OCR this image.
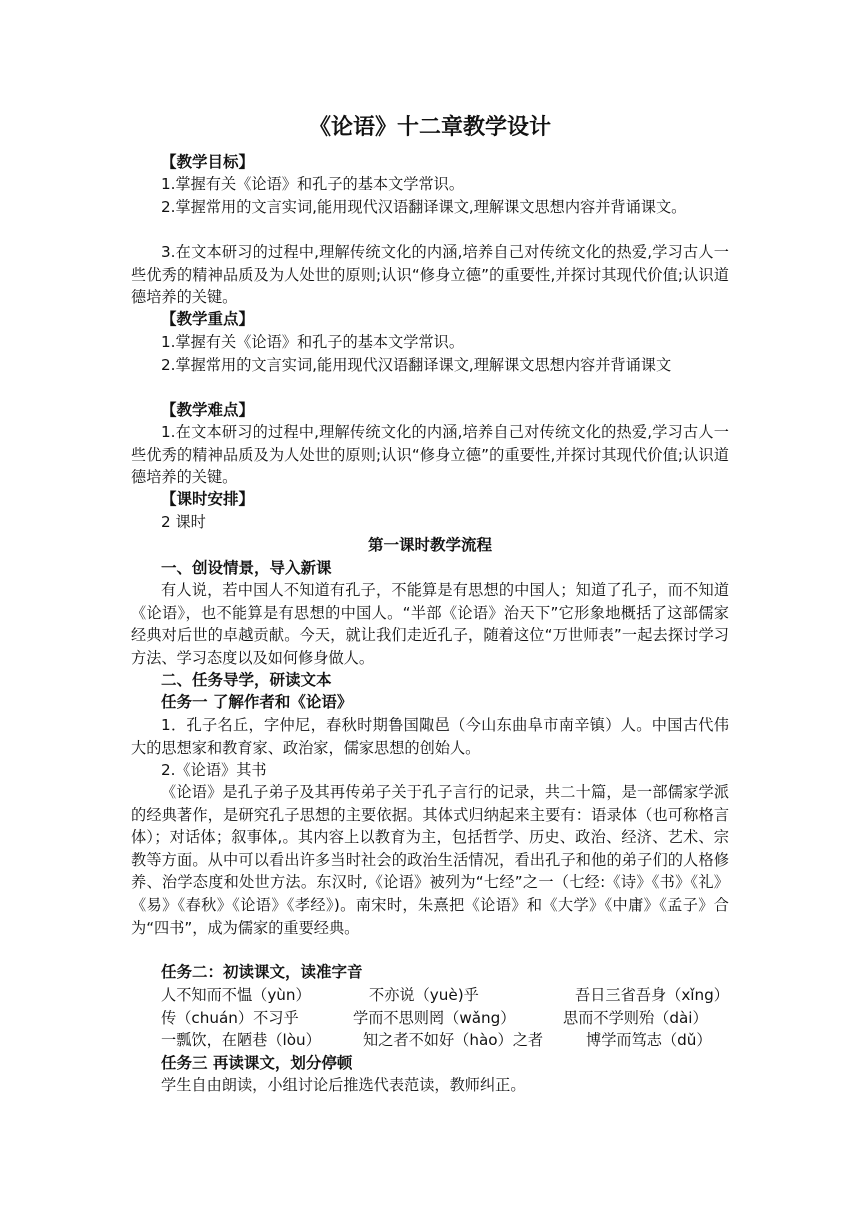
《论语》十二章教学设计
【教学目标】
1.掌握有关《论语》和孔子的基本文学常识。
2.掌握常用的文言实词,能用现代汉语翻译课文,理解课文思想内容并背诵课文。
3.在文本研习的过程中,理解传统文化的内涵,培养自己对传统文化的热爱,学习古人一些优秀的精神品质及为人处世的原则;认识“修身立德”的重要性,并探讨其现代价值;认识道德培养的关键。
【教学重点】
1.掌握有关《论语》和孔子的基本文学常识。
2.掌握常用的文言实词,能用现代汉语翻译课文,理解课文思想内容并背诵课文
【教学难点】
1.在文本研习的过程中,理解传统文化的内涵,培养自己对传统文化的热爱,学习古人一些优秀的精神品质及为人处世的原则;认识“修身立德”的重要性,并探讨其现代价值;认识道德培养的关键。
【课时安排】
2 课时
第一课时教学流程
一、创设情景，导入新课
有人说，若中国人不知道有孔子，不能算是有思想的中国人；知道了孔子，而不知道《论语》，也不能算是有思想的中国人。“半部《论语》治天下”它形象地概括了这部儒家经典对后世的卓越贡献。今天，就让我们走近孔子，随着这位“万世师表”一起去探讨学习方法、学习态度以及如何修身做人。
二、任务导学，研读文本
任务一 了解作者和《论语》
1．孔子名丘，字仲尼，春秋时期鲁国陬邑（今山东曲阜市南辛镇）人。中国古代伟大的思想家和教育家、政治家，儒家思想的创始人。
2.《论语》其书
《论语》是孔子弟子及其再传弟子关于孔子言行的记录，共二十篇，是一部儒家学派的经典著作，是研究孔子思想的主要依据。其体式归纳起来主要有：语录体（也可称格言体）；对话体；叙事体,。其内容上以教育为主，包括哲学、历史、政治、经济、艺术、宗教等方面。从中可以看出许多当时社会的政治生活情况，看出孔子和他的弟子们的人格修养、治学态度和处世方法。东汉时,《论语》被列为“七经”之一（七经:《诗》《书》《礼》《易》《春秋》《论语》《孝经》)。南宋时，朱熹把《论语》和《大学》《中庸》《孟子》合为“四书”，成为儒家的重要经典。
任务二：初读课文，读准字音
人不知而不愠（yùn）	不亦说（yuè)乎	吾日三省吾身（xǐng）
传（chuán）不习乎	学而不思则罔（wǎng）	思而不学则殆（dài）
一瓢饮，在陋巷（lòu）	知之者不如好（hào）之者	博学而笃志（dǔ）
任务三 再读课文，划分停顿
学生自由朗读，小组讨论后推选代表范读，教师纠正。
